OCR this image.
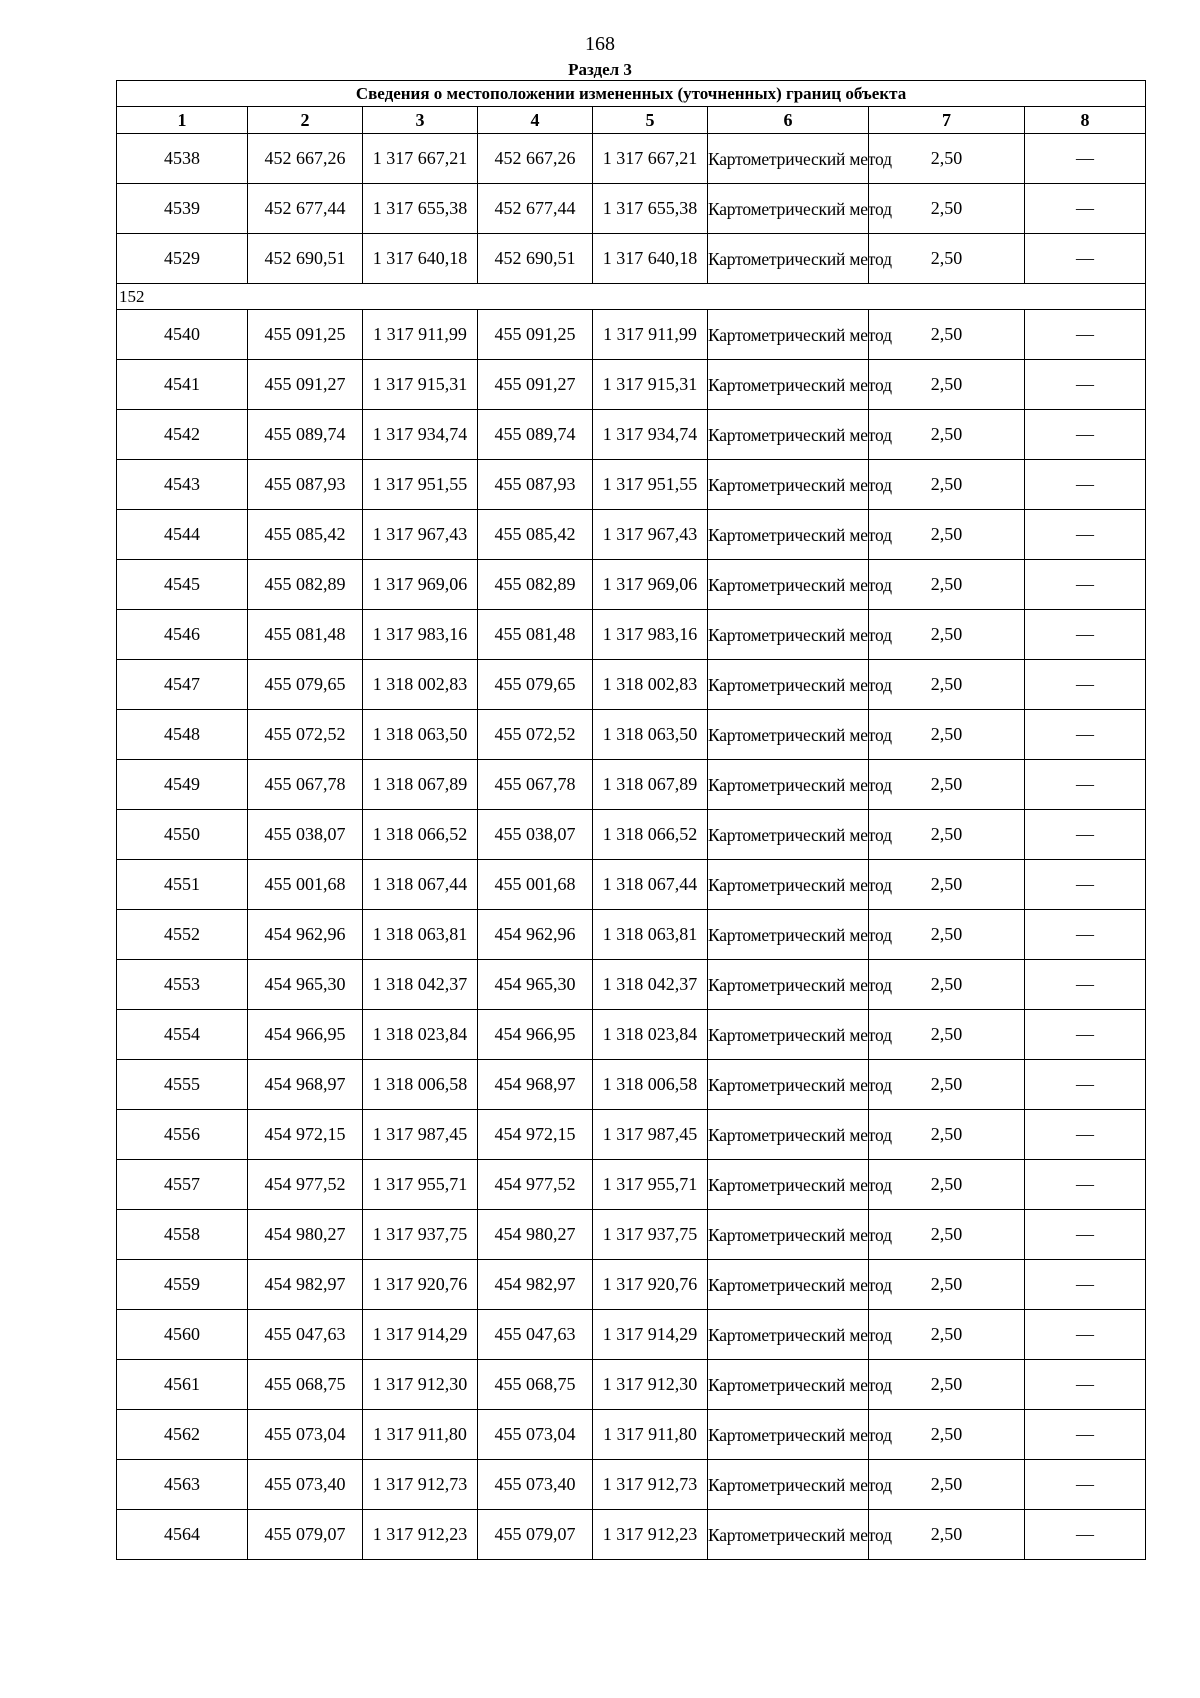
168
Раздел 3
Сведения о местоположении измененных (уточненных) границ объекта							
1	2	3	4	5	6	7	8
4538	452 667,26	1 317 667,21	452 667,26	1 317 667,21	Картометрический метод	2,50	—
4539	452 677,44	1 317 655,38	452 677,44	1 317 655,38	Картометрический метод	2,50	—
4529	452 690,51	1 317 640,18	452 690,51	1 317 640,18	Картометрический метод	2,50	—
152							
4540	455 091,25	1 317 911,99	455 091,25	1 317 911,99	Картометрический метод	2,50	—
4541	455 091,27	1 317 915,31	455 091,27	1 317 915,31	Картометрический метод	2,50	—
4542	455 089,74	1 317 934,74	455 089,74	1 317 934,74	Картометрический метод	2,50	—
4543	455 087,93	1 317 951,55	455 087,93	1 317 951,55	Картометрический метод	2,50	—
4544	455 085,42	1 317 967,43	455 085,42	1 317 967,43	Картометрический метод	2,50	—
4545	455 082,89	1 317 969,06	455 082,89	1 317 969,06	Картометрический метод	2,50	—
4546	455 081,48	1 317 983,16	455 081,48	1 317 983,16	Картометрический метод	2,50	—
4547	455 079,65	1 318 002,83	455 079,65	1 318 002,83	Картометрический метод	2,50	—
4548	455 072,52	1 318 063,50	455 072,52	1 318 063,50	Картометрический метод	2,50	—
4549	455 067,78	1 318 067,89	455 067,78	1 318 067,89	Картометрический метод	2,50	—
4550	455 038,07	1 318 066,52	455 038,07	1 318 066,52	Картометрический метод	2,50	—
4551	455 001,68	1 318 067,44	455 001,68	1 318 067,44	Картометрический метод	2,50	—
4552	454 962,96	1 318 063,81	454 962,96	1 318 063,81	Картометрический метод	2,50	—
4553	454 965,30	1 318 042,37	454 965,30	1 318 042,37	Картометрический метод	2,50	—
4554	454 966,95	1 318 023,84	454 966,95	1 318 023,84	Картометрический метод	2,50	—
4555	454 968,97	1 318 006,58	454 968,97	1 318 006,58	Картометрический метод	2,50	—
4556	454 972,15	1 317 987,45	454 972,15	1 317 987,45	Картометрический метод	2,50	—
4557	454 977,52	1 317 955,71	454 977,52	1 317 955,71	Картометрический метод	2,50	—
4558	454 980,27	1 317 937,75	454 980,27	1 317 937,75	Картометрический метод	2,50	—
4559	454 982,97	1 317 920,76	454 982,97	1 317 920,76	Картометрический метод	2,50	—
4560	455 047,63	1 317 914,29	455 047,63	1 317 914,29	Картометрический метод	2,50	—
4561	455 068,75	1 317 912,30	455 068,75	1 317 912,30	Картометрический метод	2,50	—
4562	455 073,04	1 317 911,80	455 073,04	1 317 911,80	Картометрический метод	2,50	—
4563	455 073,40	1 317 912,73	455 073,40	1 317 912,73	Картометрический метод	2,50	—
4564	455 079,07	1 317 912,23	455 079,07	1 317 912,23	Картометрический метод	2,50	—
